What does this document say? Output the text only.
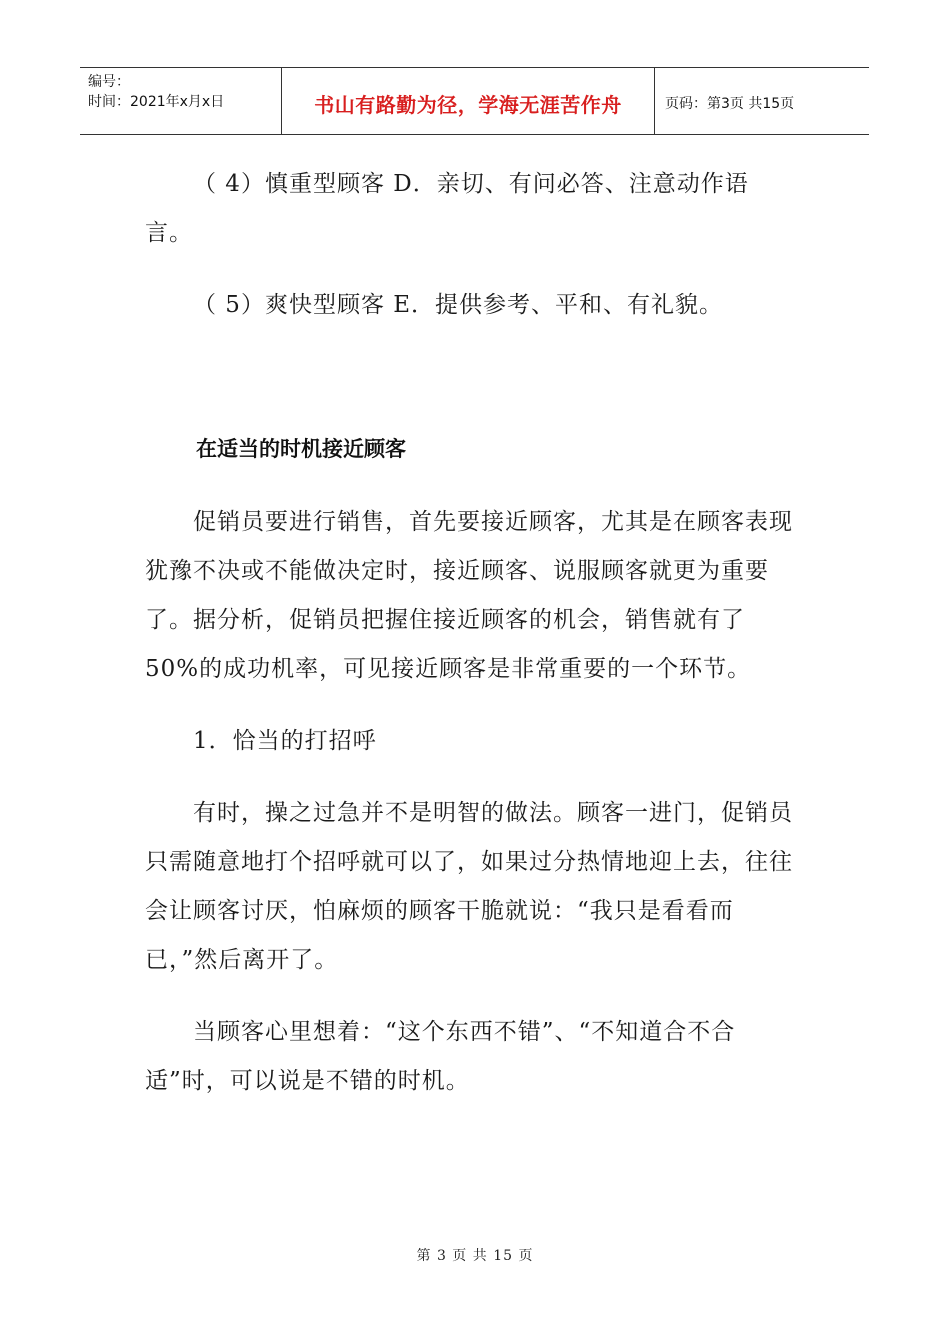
编号：
时间：2021年x月x日	书山有路勤为径，学海无涯苦作舟	页码：第3页 共15页

（ 4）慎重型顾客 D．亲切、有问必答、注意动作语言。

（ 5）爽快型顾客 E．提供参考、平和、有礼貌。

在适当的时机接近顾客

促销员要进行销售，首先要接近顾客，尤其是在顾客表现犹豫不决或不能做决定时，接近顾客、说服顾客就更为重要了。据分析，促销员把握住接近顾客的机会，销售就有了 50%的成功机率，可见接近顾客是非常重要的一个环节。

1．恰当的打招呼

有时，操之过急并不是明智的做法。顾客一进门，促销员只需随意地打个招呼就可以了，如果过分热情地迎上去，往往会让顾客讨厌，怕麻烦的顾客干脆就说：“我只是看看而已，”然后离开了。

当顾客心里想着：“这个东西不错”、“不知道合不合适”时，可以说是不错的时机。

第 3 页 共 15 页
